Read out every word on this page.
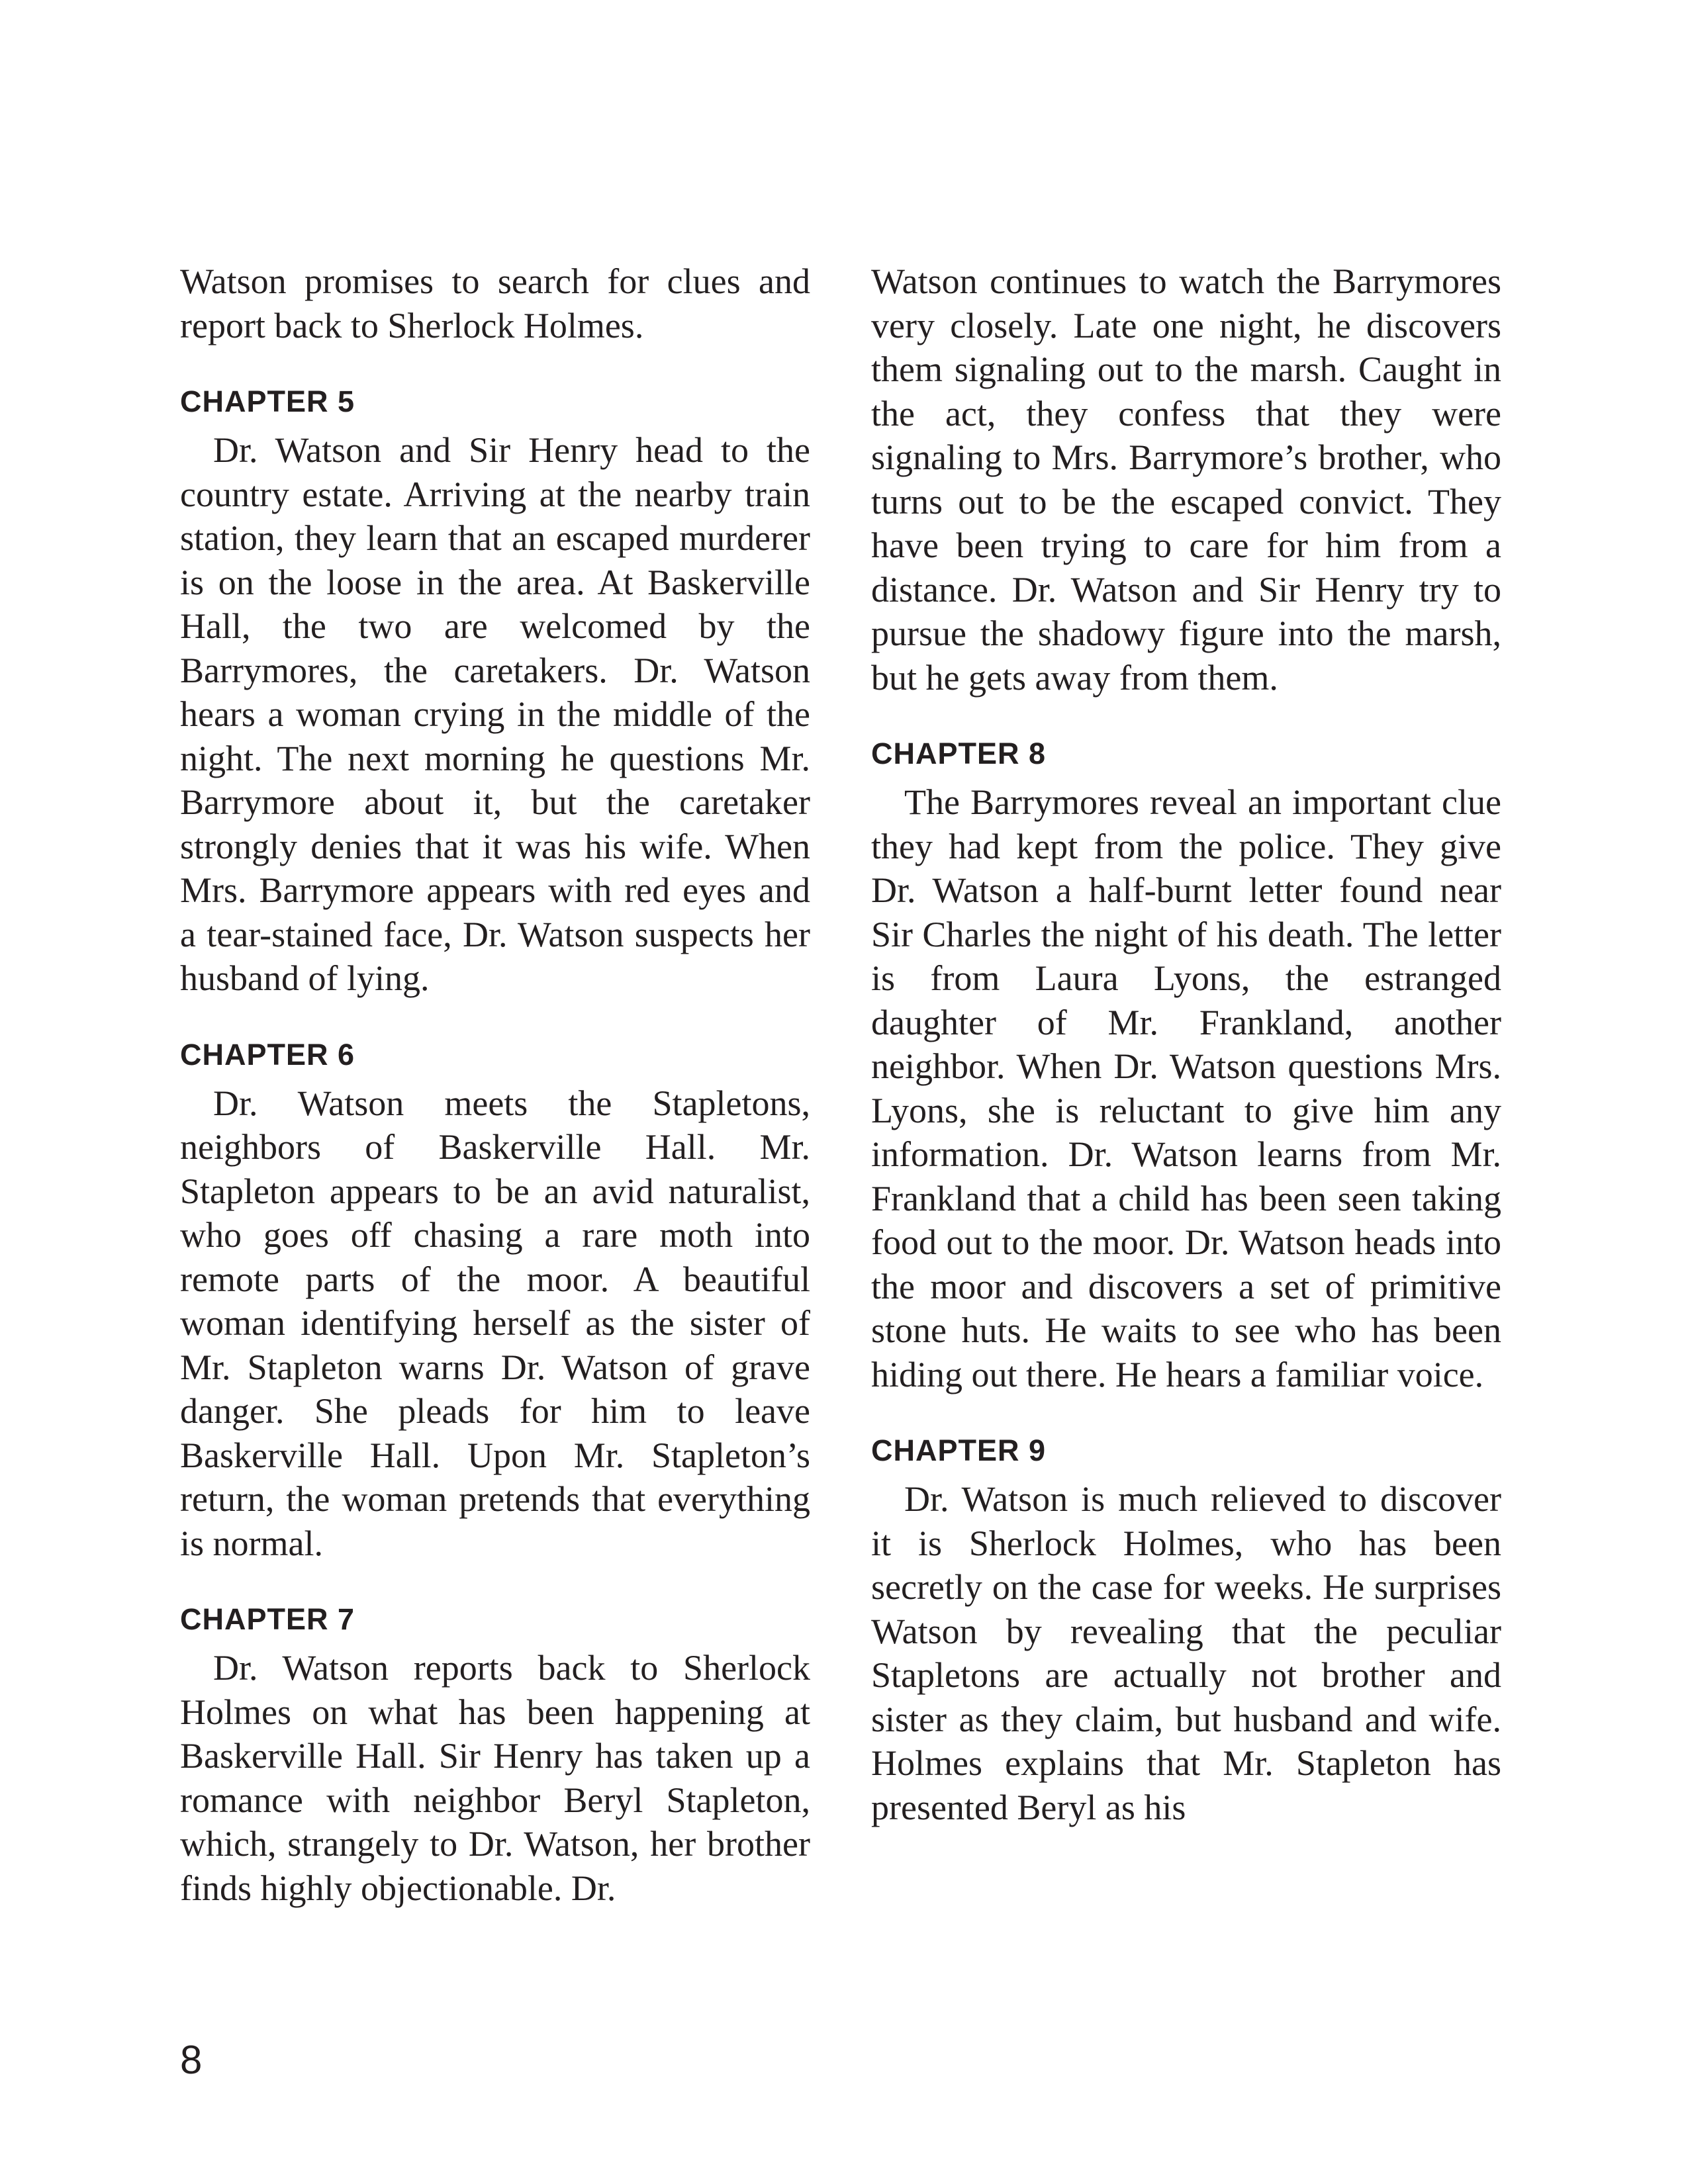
Watson promises to search for clues and report back to Sherlock Holmes.

CHAPTER 5

Dr. Watson and Sir Henry head to the country estate. Arriving at the nearby train station, they learn that an escaped murderer is on the loose in the area. At Baskerville Hall, the two are welcomed by the Barrymores, the caretakers. Dr. Watson hears a woman crying in the middle of the night. The next morning he questions Mr. Barrymore about it, but the caretaker strongly denies that it was his wife. When Mrs. Barrymore appears with red eyes and a tear-stained face, Dr. Watson suspects her husband of lying.

CHAPTER 6

Dr. Watson meets the Stapletons, neighbors of Baskerville Hall. Mr. Stapleton appears to be an avid naturalist, who goes off chasing a rare moth into remote parts of the moor. A beautiful woman identifying herself as the sister of Mr. Stapleton warns Dr. Watson of grave danger. She pleads for him to leave Baskerville Hall. Upon Mr. Stapleton’s return, the woman pretends that everything is normal.

CHAPTER 7

Dr. Watson reports back to Sherlock Holmes on what has been happening at Baskerville Hall. Sir Henry has taken up a romance with neighbor Beryl Stapleton, which, strangely to Dr. Watson, her brother finds highly objectionable. Dr.

Watson continues to watch the Barrymores very closely. Late one night, he discovers them signaling out to the marsh. Caught in the act, they confess that they were signaling to Mrs. Barrymore’s brother, who turns out to be the escaped convict. They have been trying to care for him from a distance. Dr. Watson and Sir Henry try to pursue the shadowy figure into the marsh, but he gets away from them.

CHAPTER 8

The Barrymores reveal an important clue they had kept from the police. They give Dr. Watson a half-burnt letter found near Sir Charles the night of his death. The letter is from Laura Lyons, the estranged daughter of Mr. Frankland, another neighbor. When Dr. Watson questions Mrs. Lyons, she is reluctant to give him any information. Dr. Watson learns from Mr. Frankland that a child has been seen taking food out to the moor. Dr. Watson heads into the moor and discovers a set of primitive stone huts. He waits to see who has been hiding out there. He hears a familiar voice.

CHAPTER 9

Dr. Watson is much relieved to discover it is Sherlock Holmes, who has been secretly on the case for weeks. He surprises Watson by revealing that the peculiar Stapletons are actually not brother and sister as they claim, but husband and wife. Holmes explains that Mr. Stapleton has presented Beryl as his

8
